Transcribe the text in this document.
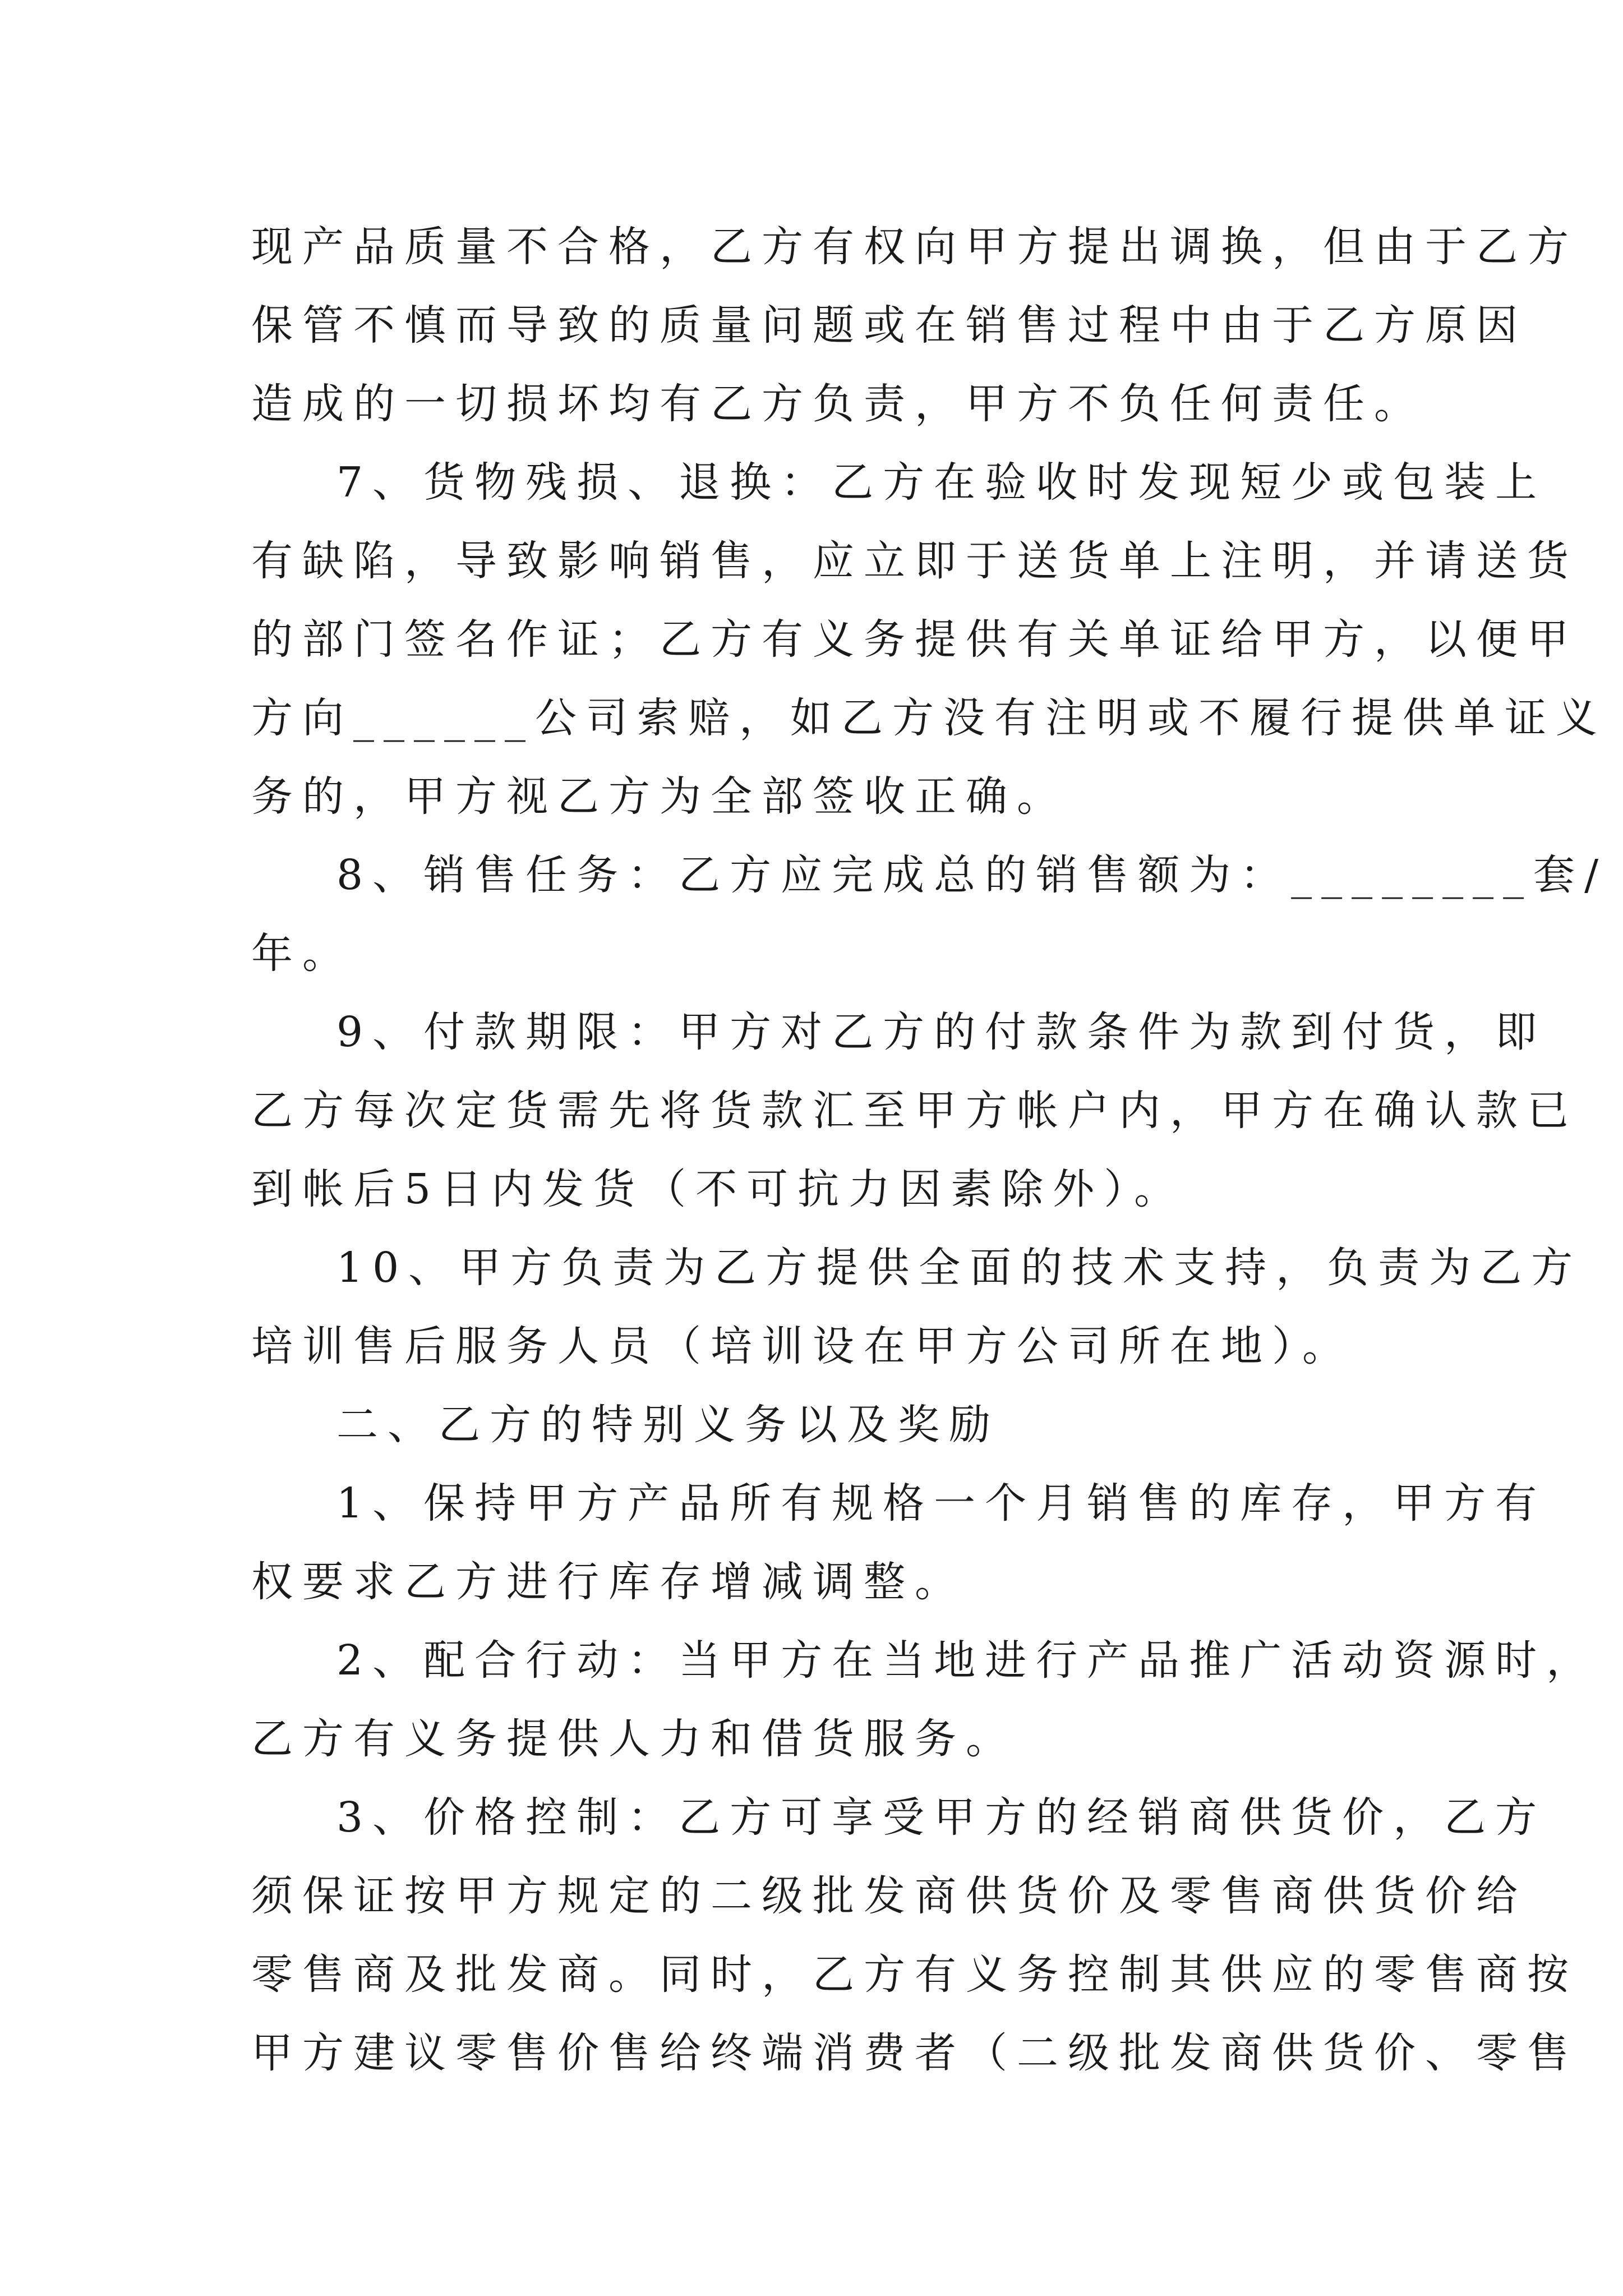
现产品质量不合格，乙方有权向甲方提出调换，但由于乙方
保管不慎而导致的质量问题或在销售过程中由于乙方原因
造成的一切损坏均有乙方负责，甲方不负任何责任。
7、货物残损、退换：乙方在验收时发现短少或包装上
有缺陷，导致影响销售，应立即于送货单上注明，并请送货
的部门签名作证；乙方有义务提供有关单证给甲方，以便甲
方向______公司索赔，如乙方没有注明或不履行提供单证义
务的，甲方视乙方为全部签收正确。
8、销售任务：乙方应完成总的销售额为：________套/
年。
9、付款期限：甲方对乙方的付款条件为款到付货，即
乙方每次定货需先将货款汇至甲方帐户内，甲方在确认款已
到帐后5日内发货（不可抗力因素除外）。
10、甲方负责为乙方提供全面的技术支持，负责为乙方
培训售后服务人员（培训设在甲方公司所在地）。
二、乙方的特别义务以及奖励
1、保持甲方产品所有规格一个月销售的库存，甲方有
权要求乙方进行库存增减调整。
2、配合行动：当甲方在当地进行产品推广活动资源时，
乙方有义务提供人力和借货服务。
3、价格控制：乙方可享受甲方的经销商供货价，乙方
须保证按甲方规定的二级批发商供货价及零售商供货价给
零售商及批发商。同时，乙方有义务控制其供应的零售商按
甲方建议零售价售给终端消费者（二级批发商供货价、零售
